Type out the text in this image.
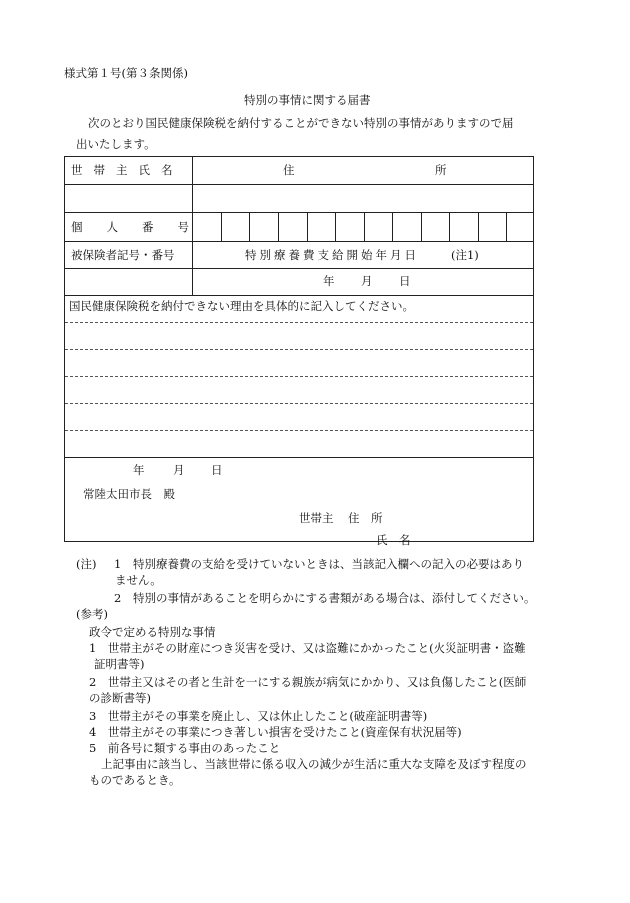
様式第１号(第３条関係)
特別の事情に関する届書
次のとおり国民健康保険税を納付することができない特別の事情がありますので届
出いたします。
世帯主氏名	住	所
個人番号
被保険者記号・番号	特別療養費支給開始年月日	(注1)
年 月 日
国民健康保険税を納付できない理由を具体的に記入してください。
年 月 日
常陸太田市長　殿
世帯主 住　所
氏　名
(注) 1 特別療養費の支給を受けていないときは、当該記入欄への記入の必要はあり
ません。
2 特別の事情があることを明らかにする書類がある場合は、添付してください。
(参考)
政令で定める特別な事情
1　世帯主がその財産につき災害を受け、又は盗難にかかったこと(火災証明書・盗難
証明書等)
2　世帯主又はその者と生計を一にする親族が病気にかかり、又は負傷したこと(医師
の診断書等)
3　世帯主がその事業を廃止し、又は休止したこと(破産証明書等)
4　世帯主がその事業につき著しい損害を受けたこと(資産保有状況届等)
5　前各号に類する事由のあったこと
上記事由に該当し、当該世帯に係る収入の減少が生活に重大な支障を及ぼす程度の
ものであるとき。
